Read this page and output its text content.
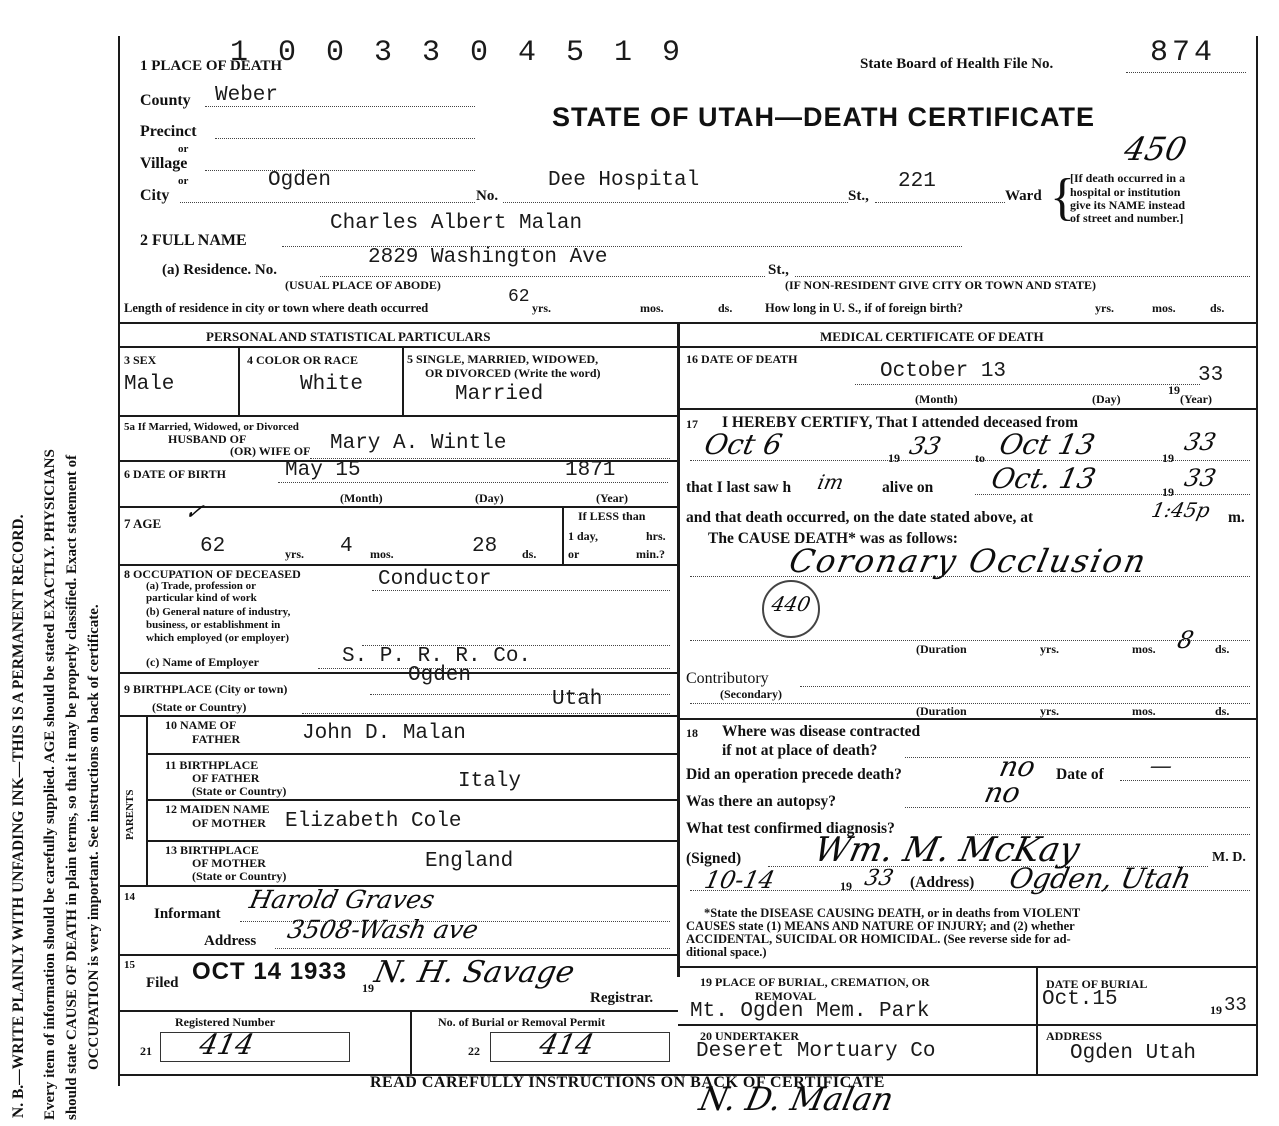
N. B.—WRITE PLAINLY WITH UNFADING INK—THIS IS A PERMANENT RECORD. Every item of information should be carefully supplied. AGE should be stated EXACTLY. PHYSICIANS should state CAUSE OF DEATH in plain terms, so that it may be properly classified. Exact statement of OCCUPATION is very important. See instructions on back of certificate.
1 0 0 3 3 0 4 5 1 9	State Board of Health File No.	874
STATE OF UTAH—DEATH CERTIFICATE
450
1 PLACE OF DEATH
County Weber
Precinct
or
Village
or
City
Ogden
No.
Dee Hospital
St.,
221
Ward {
[If death occurred in a
hospital or institution
give its NAME instead
of street and number.]
2 FULL NAME
Charles Albert Malan
(a) Residence. No.
2829 Washington Ave
St.,
(USUAL PLACE OF ABODE)	(IF NON-RESIDENT GIVE CITY OR TOWN AND STATE)
Length of residence in city or town where death occurred
62
yrs.	mos.	ds.	How long in U. S., if of foreign birth?	yrs.	mos.	ds.
PERSONAL AND STATISTICAL PARTICULARS	MEDICAL CERTIFICATE OF DEATH
3 SEX
Male
4 COLOR OR RACE
White
5 SINGLE, MARRIED, WIDOWED,
OR DIVORCED (Write the word)
Married
5a If Married, Widowed, or Divorced
HUSBAND OF
(OR) WIFE OF Mary A. Wintle
6 DATE OF BIRTH	May 15	1871
(Month)	(Day)	(Year)
7 AGE ✓
62	yrs. 4 mos.	28 ds.
If LESS than
1 day,	hrs.
or	min.?
8 OCCUPATION OF DECEASED
(a) Trade, profession or
particular kind of work
Conductor
(b) General nature of industry,
business, or establishment in
which employed (or employer)
(c) Name of Employer	S. P. R. R. Co.
9 BIRTHPLACE (City or town)
Ogden
(State or Country)	Utah
PARENTS
10 NAME OF
FATHER	John D. Malan
11 BIRTHPLACE
OF FATHER
(State or Country)	Italy
12 MAIDEN NAME
OF MOTHER Elizabeth Cole
13 BIRTHPLACE
OF MOTHER
(State or Country)
England
14
Informant Harold Graves
Address 3508-Wash ave
15
Filed OCT 14 1933
19
N. H. Savage
Registrar.
Registered Number	No. of Burial or Removal Permit
21 414	22 414
16 DATE OF DEATH
October 13
19
33
(Month)	(Day)	(Year)
17 I HEREBY CERTIFY, That I attended deceased from
Oct 6	19 33	to Oct 13	19
33
that I last saw h im alive on Oct. 13	19 33
and that death occurred, on the date stated above, at	1:45p m.
The CAUSE DEATH* was as follows:
Coronary Occlusion
440
(Duration	yrs.	mos. 8 ds.
Contributory
(Secondary)
(Duration	yrs.	mos.	ds.
18 Where was disease contracted
if not at place of death?
Did an operation precede death?	no Date of —
Was there an autopsy?	no
What test confirmed diagnosis?
(Signed) Wm. M. McKay	M. D.
10-14	19 33 (Address) Ogden, Utah
*State the DISEASE CAUSING DEATH, or in deaths from VIOLENT
CAUSES state (1) MEANS AND NATURE OF INJURY; and (2) whether
ACCIDENTAL, SUICIDAL OR HOMICIDAL. (See reverse side for ad-
ditional space.)
19 PLACE OF BURIAL, CREMATION, OR
REMOVAL
Mt. Ogden Mem. Park
DATE OF BURIAL
Oct.15	19 33
20 UNDERTAKER
Deseret Mortuary Co
ADDRESS
Ogden Utah
READ CAREFULLY INSTRUCTIONS ON BACK OF CERTIFICATE
N. D. Malan
